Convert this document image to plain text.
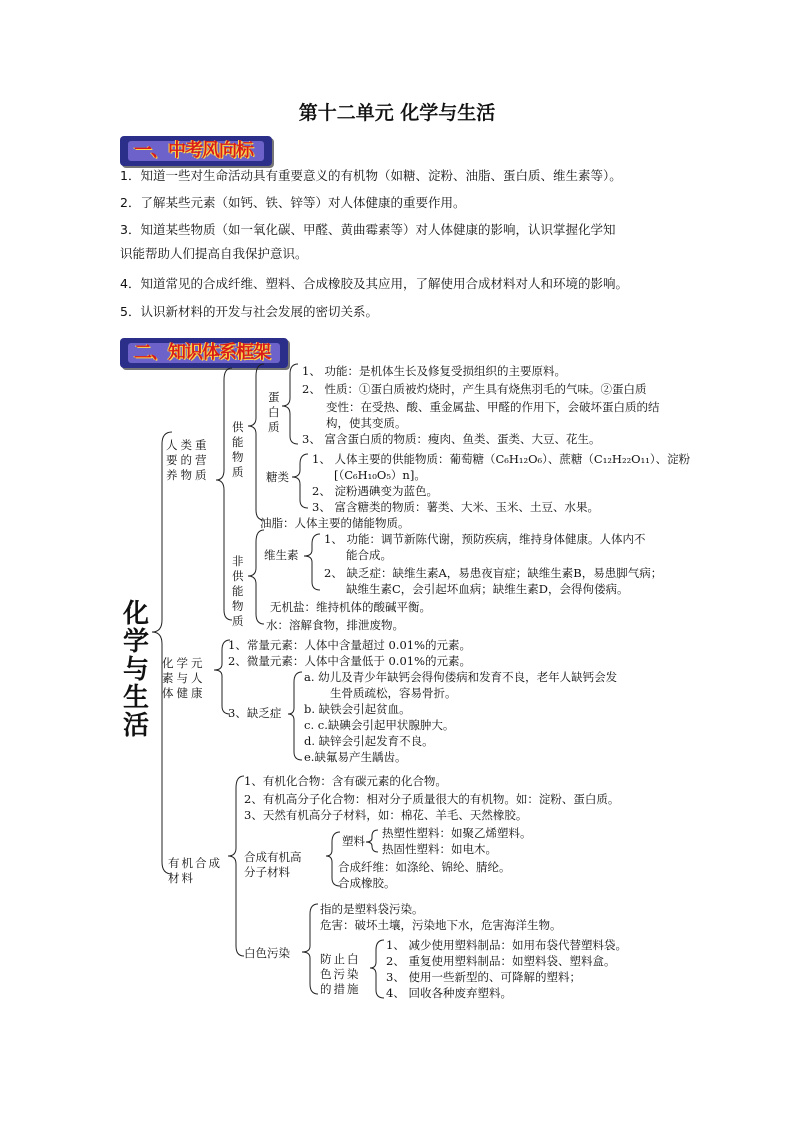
第十二单元 化学与生活
一、中考风向标
1．知道一些对生命活动具有重要意义的有机物（如糖、淀粉、油脂、蛋白质、维生素等）。
2．了解某些元素（如钙、铁、锌等）对人体健康的重要作用。
3．知道某些物质（如一氧化碳、甲醛、黄曲霉素等）对人体健康的影响，认识掌握化学知
识能帮助人们提高自我保护意识。
4．知道常见的合成纤维、塑料、合成橡胶及其应用，了解使用合成材料对人和环境的影响。
5．认识新材料的开发与社会发展的密切关系。
二、知识体系框架
化
学
与
生
活
人类重
要的营
养物质
供
能
物
质
蛋
白
质
1、 功能：是机体生长及修复受损组织的主要原料。
2、 性质：①蛋白质被灼烧时，产生具有烧焦羽毛的气味。②蛋白质
变性：在受热、酸、重金属盐、甲醛的作用下，会破坏蛋白质的结
构，使其变质。
3、 富含蛋白质的物质：瘦肉、鱼类、蛋类、大豆、花生。
糖类
1、 人体主要的供能物质：葡萄糖（C₆H₁₂O₆）、蔗糖（C₁₂H₂₂O₁₁）、淀粉
[（C₆H₁₀O₅）n]。
2、 淀粉遇碘变为蓝色。
3、 富含糖类的物质：薯类、大米、玉米、土豆、水果。
油脂：人体主要的储能物质。
非
供
能
物
质
维生素
1、 功能：调节新陈代谢，预防疾病，维持身体健康。人体内不
能合成。
2、 缺乏症：缺维生素A，易患夜盲症；缺维生素B，易患脚气病；
缺维生素C，会引起坏血病；缺维生素D，会得佝偻病。
无机盐：维持机体的酸碱平衡。
水：溶解食物，排泄废物。
化学元
素与人
体健康
1、常量元素：人体中含量超过 0.01%的元素。
2、微量元素：人体中含量低于 0.01%的元素。
3、缺乏症
a. 幼儿及青少年缺钙会得佝偻病和发育不良，老年人缺钙会发
生骨质疏松，容易骨折。
b. 缺铁会引起贫血。
c. c.缺碘会引起甲状腺肿大。
d. 缺锌会引起发育不良。
e.缺氟易产生龋齿。
有机合成
材料
1、有机化合物：含有碳元素的化合物。
2、有机高分子化合物：相对分子质量很大的有机物。如：淀粉、蛋白质。
3、天然有机高分子材料，如：棉花、羊毛、天然橡胶。
合成有机高
分子材料
塑料
热塑性塑料：如聚乙烯塑料。
热固性塑料：如电木。
合成纤维：如涤纶、锦纶、腈纶。
合成橡胶。
白色污染
指的是塑料袋污染。
危害：破坏土壤，污染地下水，危害海洋生物。
防止白
色污染
的措施
1、 减少使用塑料制品：如用布袋代替塑料袋。
2、 重复使用塑料制品：如塑料袋、塑料盒。
3、 使用一些新型的、可降解的塑料；
4、 回收各种废弃塑料。
